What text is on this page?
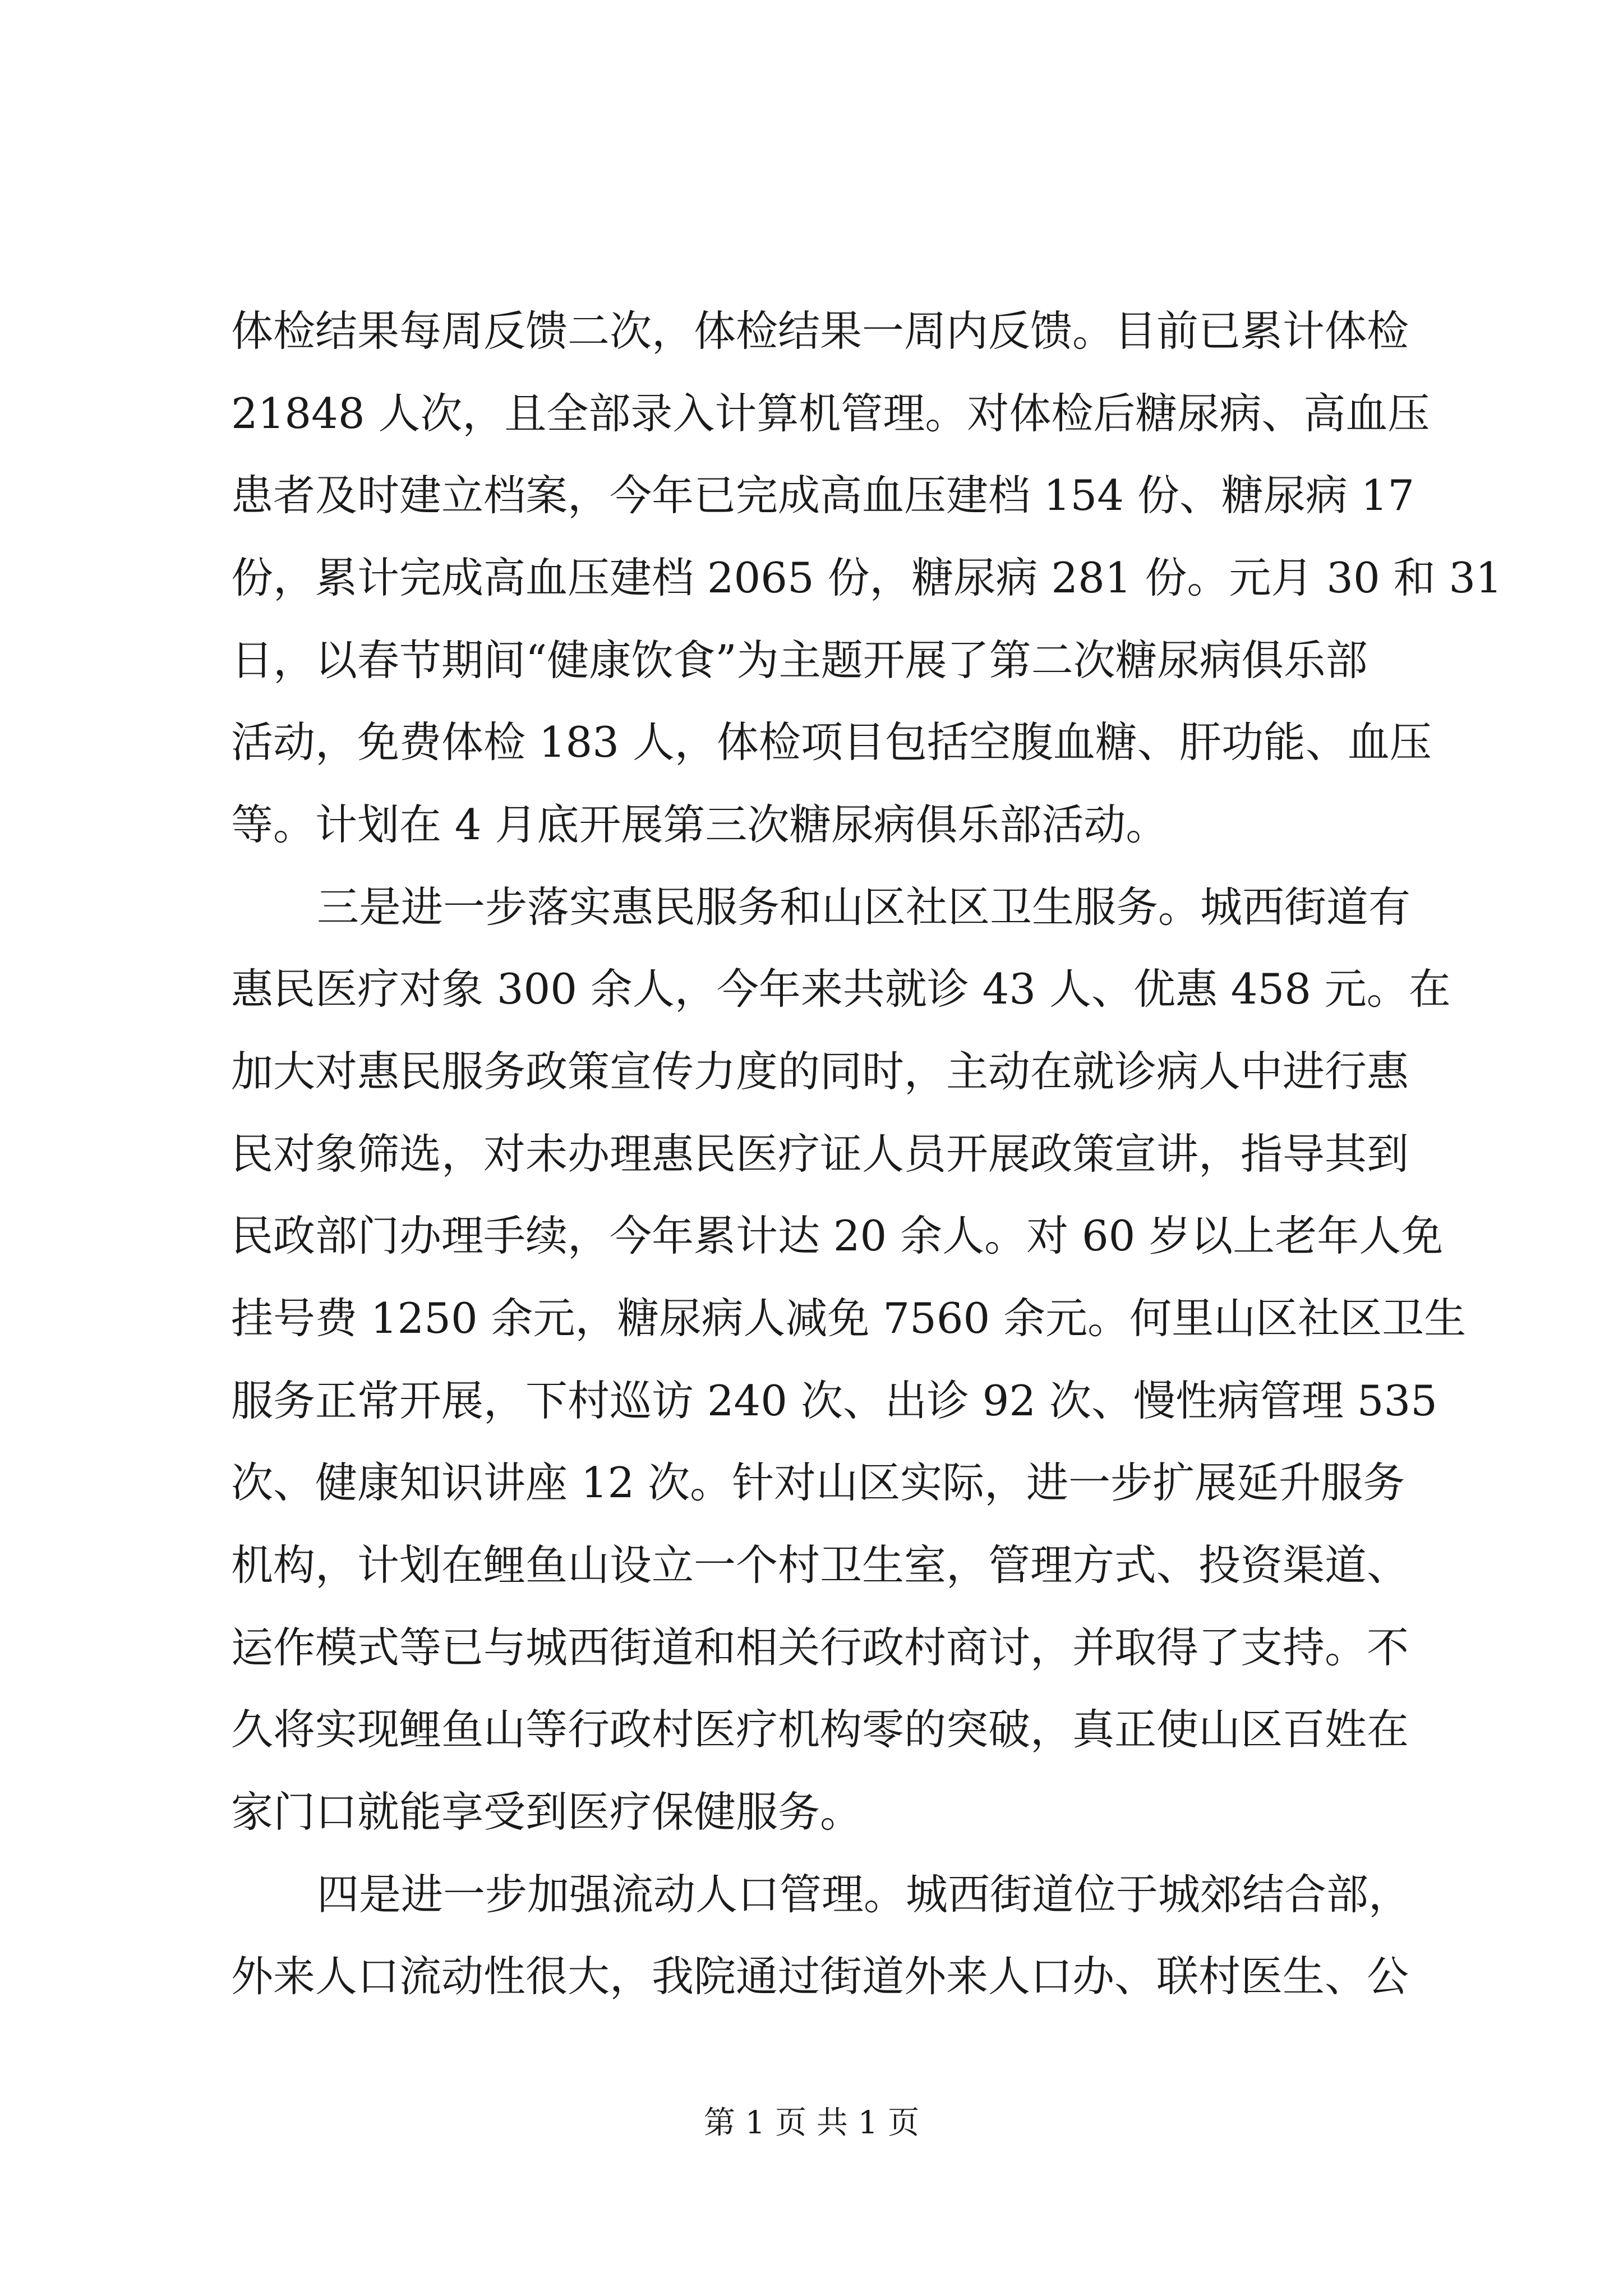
体检结果每周反馈二次，体检结果一周内反馈。目前已累计体检
21848 人次，且全部录入计算机管理。对体检后糖尿病、高血压
患者及时建立档案，今年已完成高血压建档 154 份、糖尿病 17
份，累计完成高血压建档 2065 份，糖尿病 281 份。元月 30 和 31
日，以春节期间“健康饮食”为主题开展了第二次糖尿病俱乐部
活动，免费体检 183 人，体检项目包括空腹血糖、肝功能、血压
等。计划在 4 月底开展第三次糖尿病俱乐部活动。
三是进一步落实惠民服务和山区社区卫生服务。城西街道有
惠民医疗对象 300 余人，今年来共就诊 43 人、优惠 458 元。在
加大对惠民服务政策宣传力度的同时，主动在就诊病人中进行惠
民对象筛选，对未办理惠民医疗证人员开展政策宣讲，指导其到
民政部门办理手续，今年累计达 20 余人。对 60 岁以上老年人免
挂号费 1250 余元，糖尿病人减免 7560 余元。何里山区社区卫生
服务正常开展，下村巡访 240 次、出诊 92 次、慢性病管理 535
次、健康知识讲座 12 次。针对山区实际，进一步扩展延升服务
机构，计划在鲤鱼山设立一个村卫生室，管理方式、投资渠道、
运作模式等已与城西街道和相关行政村商讨，并取得了支持。不
久将实现鲤鱼山等行政村医疗机构零的突破，真正使山区百姓在
家门口就能享受到医疗保健服务。
四是进一步加强流动人口管理。城西街道位于城郊结合部，
外来人口流动性很大，我院通过街道外来人口办、联村医生、公
第 1 页 共 1 页
